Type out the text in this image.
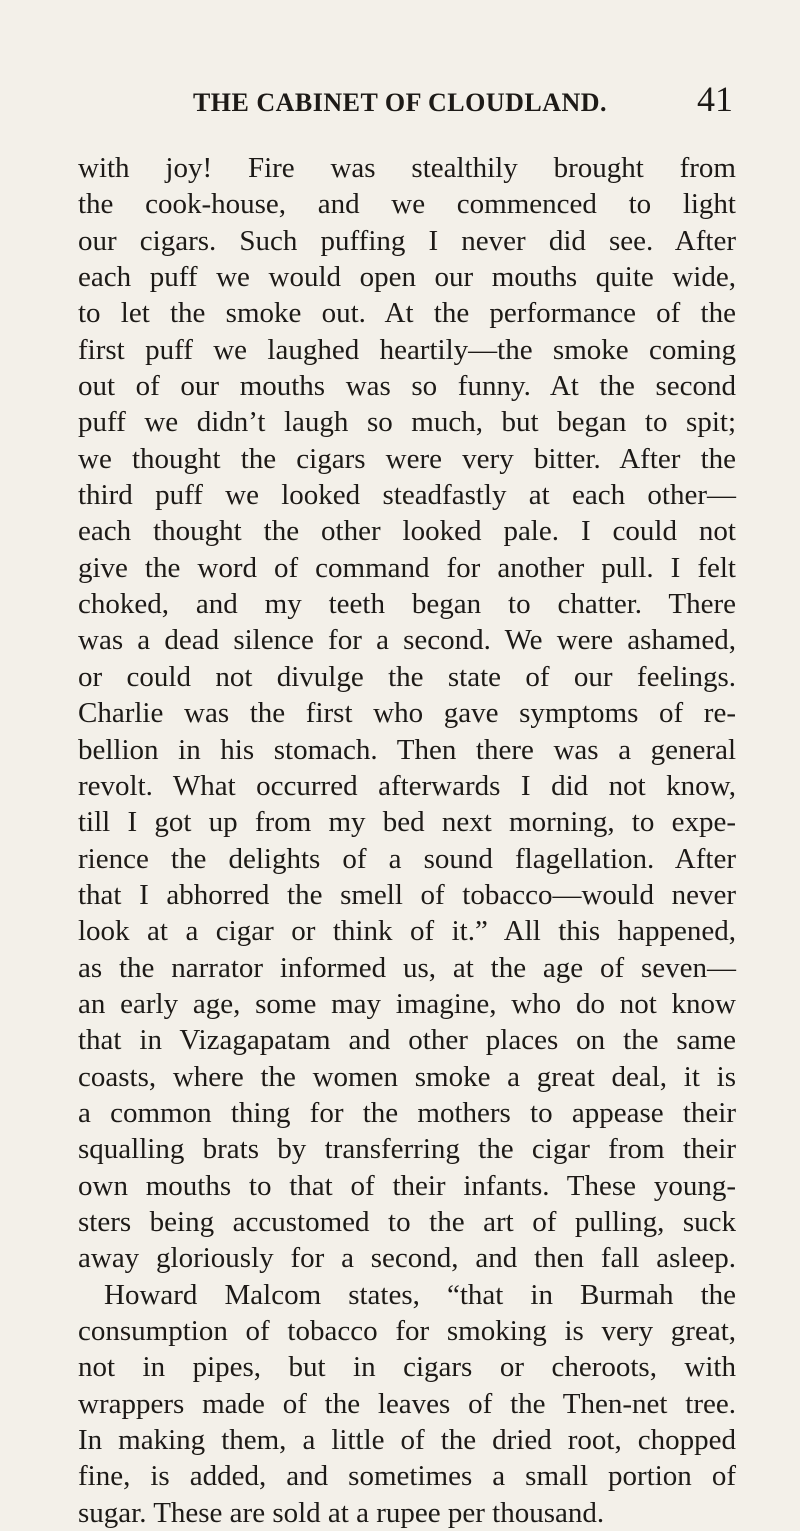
THE CABINET OF CLOUDLAND.	41
with joy! Fire was stealthily brought from
the cook-house, and we commenced to light
our cigars. Such puffing I never did see. After
each puff we would open our mouths quite wide,
to let the smoke out. At the performance of the
first puff we laughed heartily—the smoke coming
out of our mouths was so funny. At the second
puff we didn’t laugh so much, but began to spit;
we thought the cigars were very bitter. After the
third puff we looked steadfastly at each other—
each thought the other looked pale. I could not
give the word of command for another pull. I felt
choked, and my teeth began to chatter. There
was a dead silence for a second. We were ashamed,
or could not divulge the state of our feelings.
Charlie was the first who gave symptoms of re-
bellion in his stomach. Then there was a general
revolt. What occurred afterwards I did not know,
till I got up from my bed next morning, to expe-
rience the delights of a sound flagellation. After
that I abhorred the smell of tobacco—would never
look at a cigar or think of it.” All this happened,
as the narrator informed us, at the age of seven—
an early age, some may imagine, who do not know
that in Vizagapatam and other places on the same
coasts, where the women smoke a great deal, it is
a common thing for the mothers to appease their
squalling brats by transferring the cigar from their
own mouths to that of their infants. These young-
sters being accustomed to the art of pulling, suck
away gloriously for a second, and then fall asleep.
Howard Malcom states, “that in Burmah the
consumption of tobacco for smoking is very great,
not in pipes, but in cigars or cheroots, with
wrappers made of the leaves of the Then-net tree.
In making them, a little of the dried root, chopped
fine, is added, and sometimes a small portion of
sugar. These are sold at a rupee per thousand.
